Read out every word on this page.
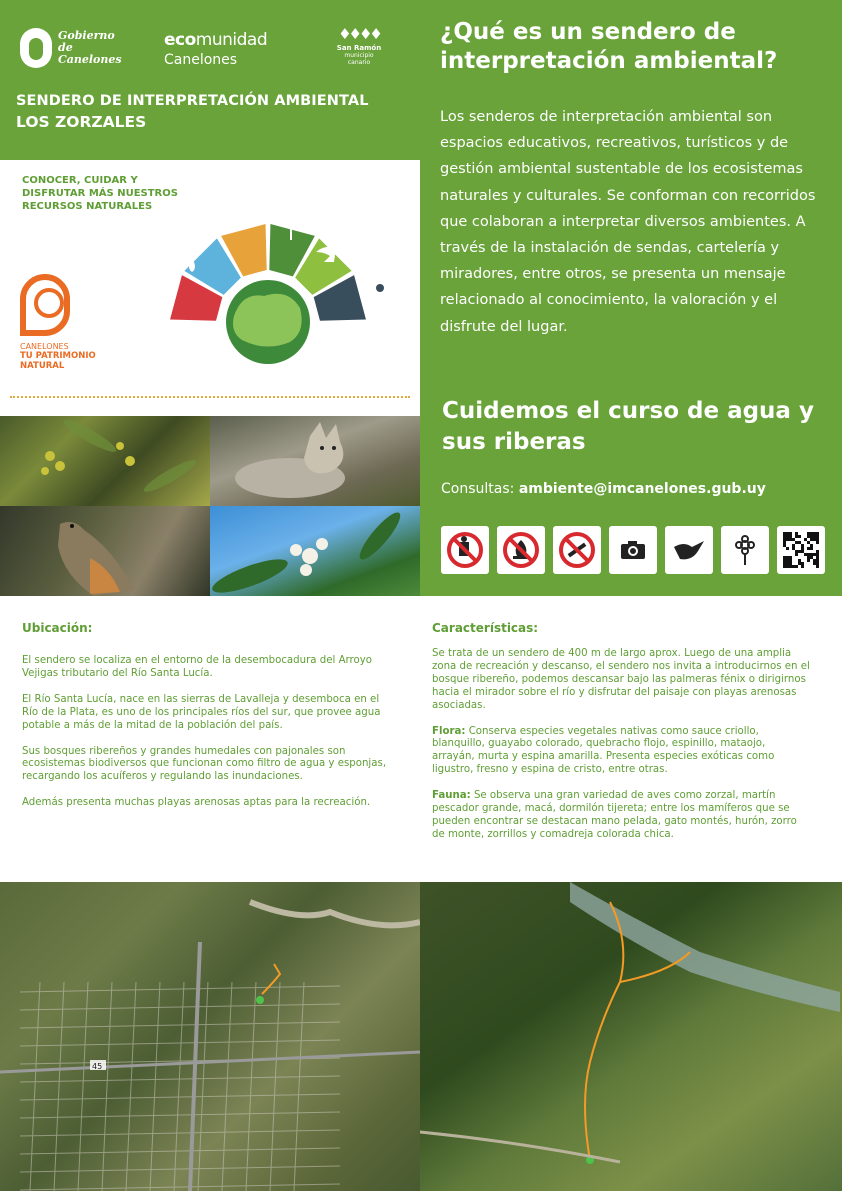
Gobierno de Canelones
ecomunidad
Canelones
♦♦♦♦
San Ramón
municipio
canario
SENDERO DE INTERPRETACIÓN AMBIENTAL
LOS ZORZALES
CONOCER, CUIDAR Y DISFRUTAR MÁS NUESTROS RECURSOS NATURALES
CANELONES
TU PATRIMONIO
NATURAL
¿Qué es un sendero de interpretación ambiental?
Los senderos de interpretación ambiental son espacios educativos, recreativos, turísticos y de gestión ambiental sustentable de los ecosistemas naturales y culturales. Se conforman con recorridos que colaboran a interpretar diversos ambientes. A través de la instalación de sendas, cartelería y miradores, entre otros, se presenta un mensaje relacionado al conocimiento, la valoración y el disfrute del lugar.
Cuidemos el curso de agua y sus riberas
Consultas: ambiente@imcanelones.gub.uy
Ubicación:

El sendero se localiza en el entorno de la desembocadura del Arroyo Vejigas tributario del Río Santa Lucía.

El Río Santa Lucía, nace en las sierras de Lavalleja y desemboca en el Río de la Plata, es uno de los principales ríos del sur, que provee agua potable a más de la mitad de la población del país.

Sus bosques ribereños y grandes humedales con pajonales son ecosistemas biodiversos que funcionan como filtro de agua y esponjas, recargando los acuíferos y regulando las inundaciones.

Además presenta muchas playas arenosas aptas para la recreación.

Características:

Se trata de un sendero de 400 m de largo aprox. Luego de una amplia zona de recreación y descanso, el sendero nos invita a introducirnos en el bosque ribereño, podemos descansar bajo las palmeras fénix o dirigirnos hacia el mirador sobre el río y disfrutar del paisaje con playas arenosas asociadas.

Flora: Conserva especies vegetales nativas como sauce criollo, blanquillo, guayabo colorado, quebracho flojo, espinillo, mataojo, arrayán, murta y espina amarilla. Presenta especies exóticas como ligustro, fresno y espina de cristo, entre otras.

Fauna: Se observa una gran variedad de aves como zorzal, martín pescador grande, macá, dormilón tijereta; entre los mamíferos que se pueden encontrar se destacan mano pelada, gato montés, hurón, zorro de monte, zorrillos y comadreja colorada chica.

45
